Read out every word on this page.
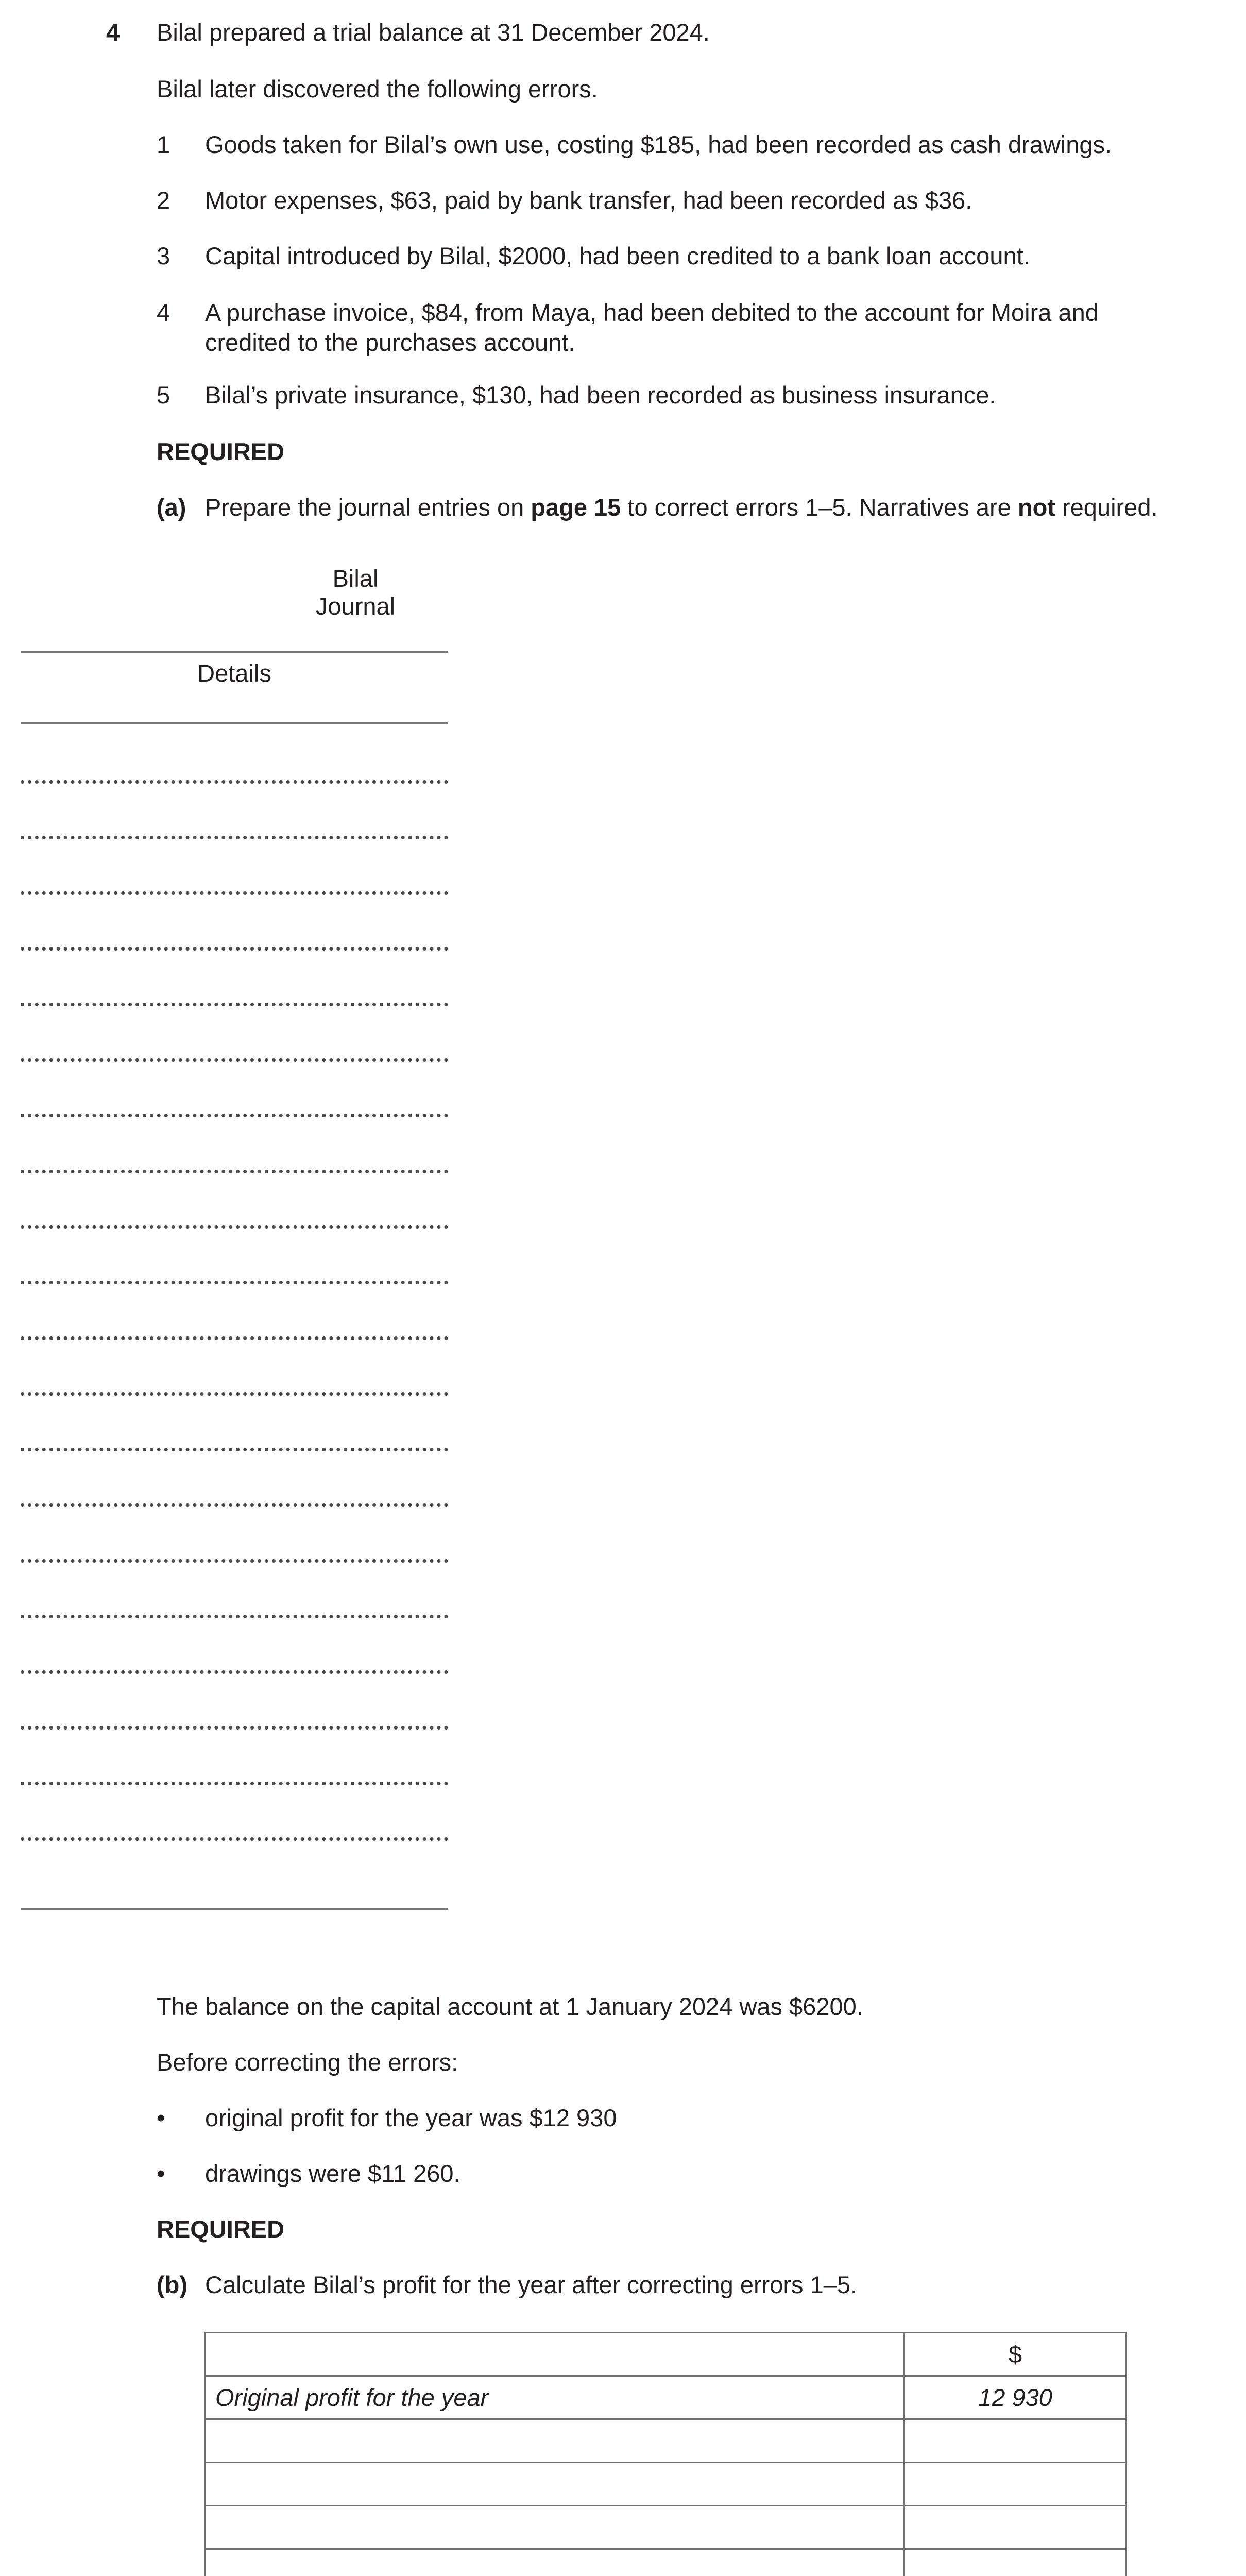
4 Bilal prepared a trial balance at 31 December 2024.
Bilal later discovered the following errors.
1 Goods taken for Bilal’s own use, costing $185, had been recorded as cash drawings.
2 Motor expenses, $63, paid by bank transfer, had been recorded as $36.
3 Capital introduced by Bilal, $2000, had been credited to a bank loan account.
4 A purchase invoice, $84, from Maya, had been debited to the account for Moira and credited to the purchases account.
5 Bilal’s private insurance, $130, had been recorded as business insurance.
REQUIRED
(a) Prepare the journal entries on page 15 to correct errors 1–5. Narratives are not required.
Bilal
Journal
Details
The balance on the capital account at 1 January 2024 was $6200.
Before correcting the errors:
• original profit for the year was $12 930
• drawings were $11 260.
REQUIRED
(b) Calculate Bilal’s profit for the year after correcting errors 1–5.
	$
Original profit for the year	12 930
